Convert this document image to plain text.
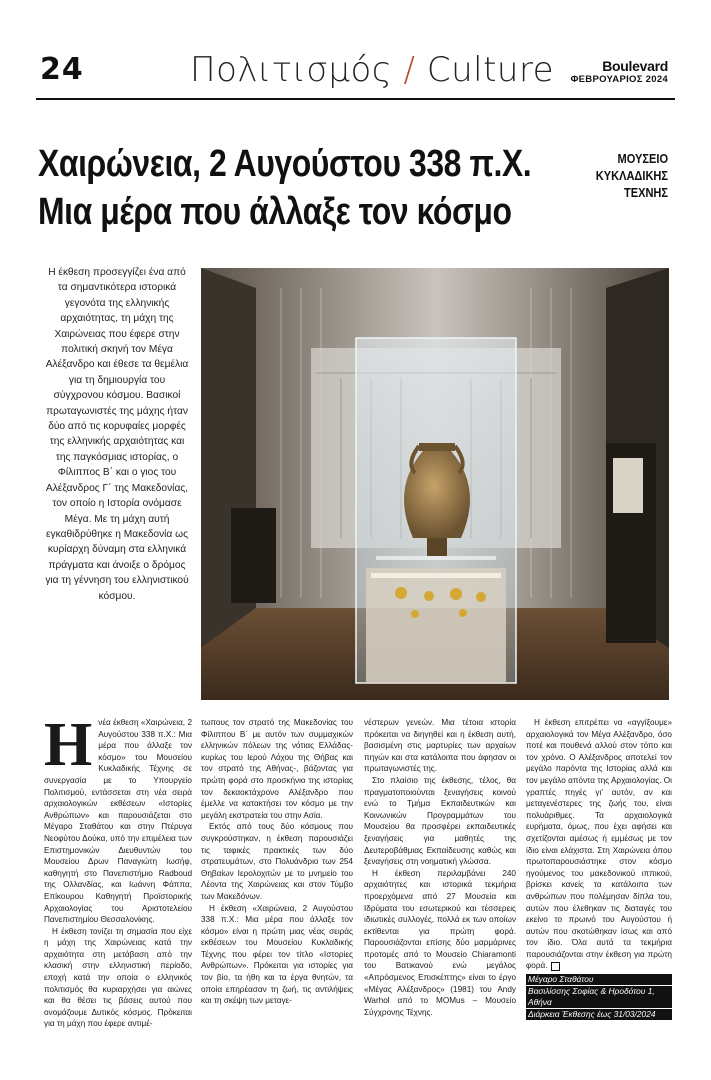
24	Πολιτισμός / Culture	Boulevard
ΦΕΒΡΟΥΑΡΙΟΣ 2024
Χαιρώνεια, 2 Αυγούστου 338 π.Χ.
Μια μέρα που άλλαξε τον κόσμο
ΜΟΥΣΕΙΟ
ΚΥΚΛΑΔΙΚΗΣ
ΤΕΧΝΗΣ
Η έκθεση προσεγγίζει ένα από τα σημαντικότερα ιστορικά γεγονότα της ελληνικής αρχαιότητας, τη μάχη της Χαιρώνειας που έφερε στην πολιτική σκηνή τον Μέγα Αλέξανδρο και έθεσε τα θεμέλια για τη δημιουργία του σύγχρονου κόσμου. Βασικοί πρωταγωνιστές της μάχης ήταν δύο από τις κορυφαίες μορφές της ελληνικής αρχαιότητας και της παγκόσμιας ιστορίας, ο Φίλιππος Β΄ και ο γιος του Αλέξανδρος Γ΄ της Μακεδονίας, τον οποίο η Ιστορία ονόμασε Μέγα. Με τη μάχη αυτή εγκαθιδρύθηκε η Μακεδονία ως κυρίαρχη δύναμη στα ελληνικά πράγματα και άνοιξε ο δρόμος για τη γέννηση του ελληνιστικού κόσμου.
Η νέα έκθεση «Χαιρώνεια, 2 Αυγούστου 338 π.Χ.: Μια μέρα που άλλαξε τον κόσμο» του Μουσείου Κυκλαδικής Τέχνης σε συνεργασία με το Υπουργείο Πολιτισμού, εντάσσεται στη νέα σειρά αρχαιολογικών εκθέσεων «Ιστορίες Ανθρώπων» και παρουσιάζεται στο Μέγαρο Σταθάτου και στην Πτέρυγα Νεοφύτου Δούκα, υπό την επιμέλεια των Επιστημονικών Διευθυντών του Μουσείου Δρων Παναγιώτη Ιωσήφ, καθηγητή στο Πανεπιστήμιο Radboud της Ολλανδίας, και Ιωάννη Φάππα, Επίκουρου Καθηγητή Προϊστορικής Αρχαιολογίας του Αριστοτελείου Πανεπιστημίου Θεσσαλονίκης.

Η έκθεση τονίζει τη σημασία που είχε η μάχη της Χαιρώνειας κατά την αρχαιότητα στη μετάβαση από την κλασική στην ελληνιστική περίοδο, εποχή κατά την οποία ο ελληνικός πολιτισμός θα κυριαρχήσει για αιώνες και θα θέσει τις βάσεις αυτού που ονομάζουμε Δυτικός κόσμος. Πρόκειται για τη μάχη που έφερε αντιμέ-

τωπους τον στρατό της Μακεδονίας του Φίλιππου Β΄ με αυτόν των συμμαχικών ελληνικών πόλεων της νότιας Ελλάδας-κυρίως του Ιερού Λόχου της Θήβας και τον στρατό της Αθήνας-, βάζοντας για πρώτη φορά στο προσκήνιο της ιστορίας τον δεκαοκτάχρονο Αλέξανδρο που έμελλε να κατακτήσει τον κόσμο με την μεγάλη εκστρατεία του στην Ασία.

Εκτός από τους δύο κόσμους που συγκρούστηκαν, η έκθεση παρουσιάζει τις ταφικές πρακτικές των δύο στρατευμάτων, στο Πολυάνδριο των 254 Θηβαίων Ιερολοχιτών με το μνημείο του Λέοντα της Χαιρώνειας και στον Τύμβο των Μακεδόνων.

Η έκθεση «Χαιρώνεια, 2 Αυγούστου 338 π.Χ.: Μια μέρα που άλλαξε τον κόσμο» είναι η πρώτη μιας νέας σειράς εκθέσεων του Μουσείου Κυκλαδικής Τέχνης που φέρει τον τίτλο «Ιστορίες Ανθρώπων». Πρόκειται για ιστορίες για τον βίο, τα ήθη και τα έργα θνητών, τα οποία επηρέασαν τη ζωή, τις αντιλήψεις και τη σκέψη των μεταγε-

νέστερων γενεών. Μια τέτοια ιστορία πρόκειται να διηγηθεί και η έκθεση αυτή, βασισμένη στις μαρτυρίες των αρχαίων πηγών και στα κατάλοιπα που άφησαν οι πρωταγωνιστές της.

Στο πλαίσιο της έκθεσης, τέλος, θα πραγματοποιούνται ξεναγήσεις κοινού ενώ το Τμήμα Εκπαιδευτικών και Κοινωνικών Προγραμμάτων του Μουσείου θα προσφέρει εκπαιδευτικές ξεναγήσεις για μαθητές της Δευτεροβάθμιας Εκπαίδευσης καθώς και ξεναγήσεις στη νοηματική γλώσσα.

Η έκθεση περιλαμβάνει 240 αρχαιότητες και ιστορικά τεκμήρια προερχόμενα από 27 Μουσεία και Ιδρύματα του εσωτερικού και τέσσερεις ιδιωτικές συλλογές, πολλά εκ των οποίων εκτίθενται για πρώτη φορά. Παρουσιάζονται επίσης δύο μαρμάρινες προτομές από το Μουσείο Chiaramonti του Βατικανού ενώ μεγάλος «Απρόσμενος Επισκέπτης» είναι το έργο «Μέγας Αλέξανδρος» (1981) του Andy Warhol από το MOMus – Μουσείο Σύγχρονης Τέχνης.

Η έκθεση επιτρέπει να «αγγίξουμε» αρχαιολογικά τον Μέγα Αλέξανδρο, όσο ποτέ και πουθενά αλλού στον τόπο και τον χρόνο. Ο Αλέξανδρος αποτελεί τον μεγάλο παρόντα της Ιστορίας αλλά και τον μεγάλο απόντα της Αρχαιολογίας. Οι γραπτές πηγές γι' αυτόν, αν και μεταγενέστερες της ζωής του, είναι πολυάριθμες. Τα αρχαιολογικά ευρήματα, όμως, που έχει αφήσει και σχετίζονται αμέσως ή εμμέσως με τον ίδιο είναι ελάχιστα. Στη Χαιρώνεια όπου πρωτοπαρουσιάστηκε στον κόσμο ηγούμενος του μακεδονικού ιππικού, βρίσκει κανείς τα κατάλοιπα των ανθρώπων που πολέμησαν δίπλα του, αυτών που έλεθηκαν τις διαταγές του εκείνο το πρωινό του Αυγούστου ή αυτών που σκοτώθηκαν ίσως και από τον ίδιο. Όλα αυτά τα τεκμήρια παρουσιάζονται στην έκθεση για πρώτη φορά.

Μέγαρο Σταθάτου
Βασιλίσσης Σοφίας & Ηροδότου 1, Αθήνα
Διάρκεια Έκθεσης έως 31/03/2024
